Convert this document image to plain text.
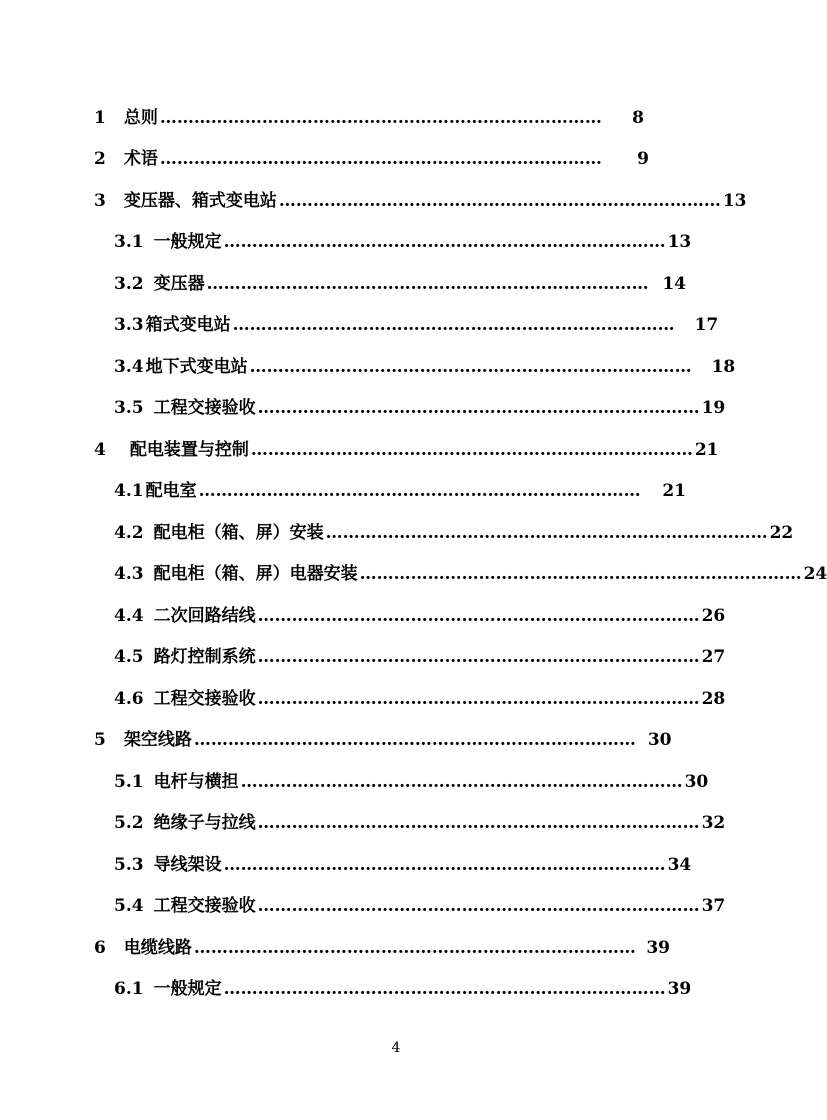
1 总则 ……………………………………………………………………	8
2 术语 ……………………………………………………………………	9
3 变压器、箱式变电站 …………………………………………………………………… 13
3.1 一般规定 …………………………………………………………………… 13
3.2 变压器 …………………………………………………………………… 14
3.3 箱式变电站 …………………………………………………………………… 17
3.4 地下式变电站 …………………………………………………………………… 18
3.5 工程交接验收 …………………………………………………………………… 19
4 配电装置与控制 …………………………………………………………………… 21
4.1 配电室 ……………………………………………………………………	21
4.2 配电柜（箱、屏）安装 …………………………………………………………………… 22
4.3 配电柜（箱、屏）电器安装 …………………………………………………………………… 24
4.4 二次回路结线 …………………………………………………………………… 26
4.5 路灯控制系统 …………………………………………………………………… 27
4.6 工程交接验收 …………………………………………………………………… 28
5 架空线路 …………………………………………………………………… 30
5.1 电杆与横担 …………………………………………………………………… 30
5.2 绝缘子与拉线 …………………………………………………………………… 32
5.3 导线架设 …………………………………………………………………… 34
5.4 工程交接验收 …………………………………………………………………… 37
6 电缆线路 …………………………………………………………………… 39
6.1 一般规定 …………………………………………………………………… 39
4
